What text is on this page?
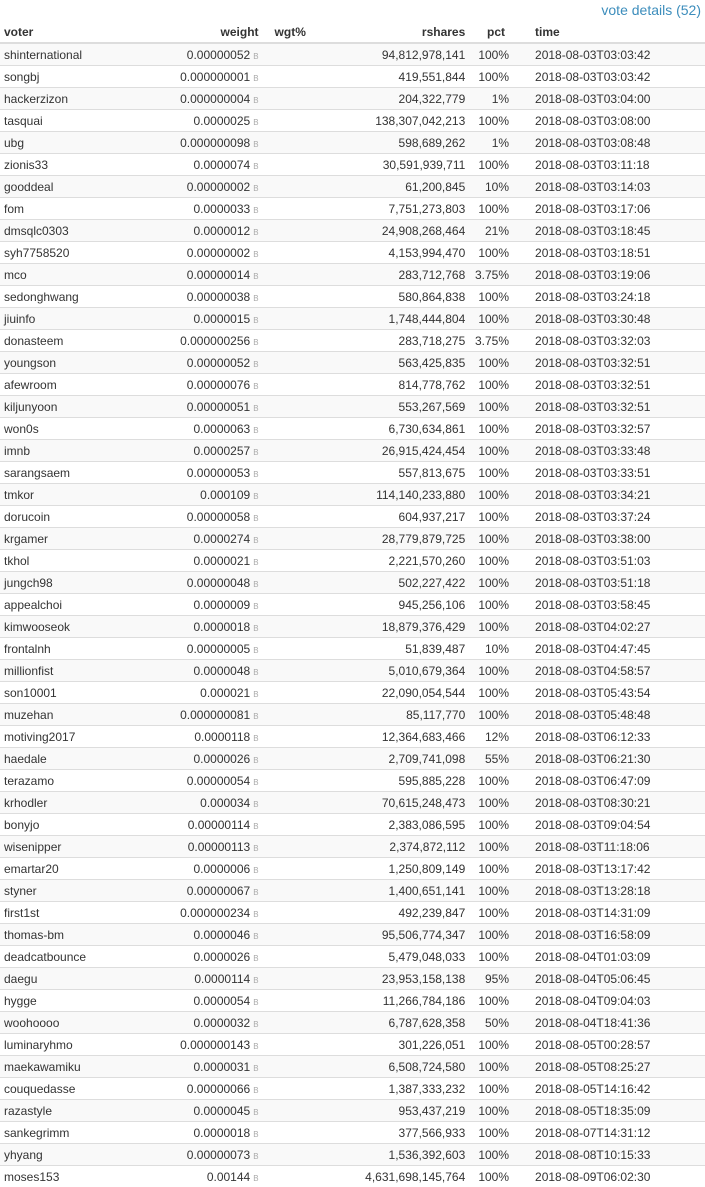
vote details (52)
voter	weight	wgt%	rshares	pct	time
shinternational	0.00000052 B		94,812,978,141	100%	2018-08-03T03:03:42
songbj	0.000000001 B		419,551,844	100%	2018-08-03T03:03:42
hackerzizon	0.000000004 B		204,322,779	1%	2018-08-03T03:04:00
tasquai	0.0000025 B		138,307,042,213	100%	2018-08-03T03:08:00
ubg	0.000000098 B		598,689,262	1%	2018-08-03T03:08:48
zionis33	0.0000074 B		30,591,939,711	100%	2018-08-03T03:11:18
gooddeal	0.00000002 B		61,200,845	10%	2018-08-03T03:14:03
fom	0.0000033 B		7,751,273,803	100%	2018-08-03T03:17:06
dmsqlc0303	0.0000012 B		24,908,268,464	21%	2018-08-03T03:18:45
syh7758520	0.00000002 B		4,153,994,470	100%	2018-08-03T03:18:51
mco	0.00000014 B		283,712,768	3.75%	2018-08-03T03:19:06
sedonghwang	0.00000038 B		580,864,838	100%	2018-08-03T03:24:18
jiuinfo	0.0000015 B		1,748,444,804	100%	2018-08-03T03:30:48
donasteem	0.000000256 B		283,718,275	3.75%	2018-08-03T03:32:03
youngson	0.00000052 B		563,425,835	100%	2018-08-03T03:32:51
afewroom	0.00000076 B		814,778,762	100%	2018-08-03T03:32:51
kiljunyoon	0.00000051 B		553,267,569	100%	2018-08-03T03:32:51
won0s	0.0000063 B		6,730,634,861	100%	2018-08-03T03:32:57
imnb	0.0000257 B		26,915,424,454	100%	2018-08-03T03:33:48
sarangsaem	0.00000053 B		557,813,675	100%	2018-08-03T03:33:51
tmkor	0.000109 B		114,140,233,880	100%	2018-08-03T03:34:21
dorucoin	0.00000058 B		604,937,217	100%	2018-08-03T03:37:24
krgamer	0.0000274 B		28,779,879,725	100%	2018-08-03T03:38:00
tkhol	0.0000021 B		2,221,570,260	100%	2018-08-03T03:51:03
jungch98	0.00000048 B		502,227,422	100%	2018-08-03T03:51:18
appealchoi	0.0000009 B		945,256,106	100%	2018-08-03T03:58:45
kimwooseok	0.0000018 B		18,879,376,429	100%	2018-08-03T04:02:27
frontalnh	0.00000005 B		51,839,487	10%	2018-08-03T04:47:45
millionfist	0.0000048 B		5,010,679,364	100%	2018-08-03T04:58:57
son10001	0.000021 B		22,090,054,544	100%	2018-08-03T05:43:54
muzehan	0.000000081 B		85,117,770	100%	2018-08-03T05:48:48
motiving2017	0.0000118 B		12,364,683,466	12%	2018-08-03T06:12:33
haedale	0.0000026 B		2,709,741,098	55%	2018-08-03T06:21:30
terazamo	0.00000054 B		595,885,228	100%	2018-08-03T06:47:09
krhodler	0.000034 B		70,615,248,473	100%	2018-08-03T08:30:21
bonyjo	0.00000114 B		2,383,086,595	100%	2018-08-03T09:04:54
wisenipper	0.00000113 B		2,374,872,112	100%	2018-08-03T11:18:06
emartar20	0.0000006 B		1,250,809,149	100%	2018-08-03T13:17:42
styner	0.00000067 B		1,400,651,141	100%	2018-08-03T13:28:18
first1st	0.000000234 B		492,239,847	100%	2018-08-03T14:31:09
thomas-bm	0.0000046 B		95,506,774,347	100%	2018-08-03T16:58:09
deadcatbounce	0.0000026 B		5,479,048,033	100%	2018-08-04T01:03:09
daegu	0.0000114 B		23,953,158,138	95%	2018-08-04T05:06:45
hygge	0.0000054 B		11,266,784,186	100%	2018-08-04T09:04:03
woohoooo	0.0000032 B		6,787,628,358	50%	2018-08-04T18:41:36
luminaryhmo	0.000000143 B		301,226,051	100%	2018-08-05T00:28:57
maekawamiku	0.0000031 B		6,508,724,580	100%	2018-08-05T08:25:27
couquedasse	0.00000066 B		1,387,333,232	100%	2018-08-05T14:16:42
razastyle	0.0000045 B		953,437,219	100%	2018-08-05T18:35:09
sankegrimm	0.0000018 B		377,566,933	100%	2018-08-07T14:31:12
yhyang	0.00000073 B		1,536,392,603	100%	2018-08-08T10:15:33
moses153	0.00144 B		4,631,698,145,764	100%	2018-08-09T06:02:30
